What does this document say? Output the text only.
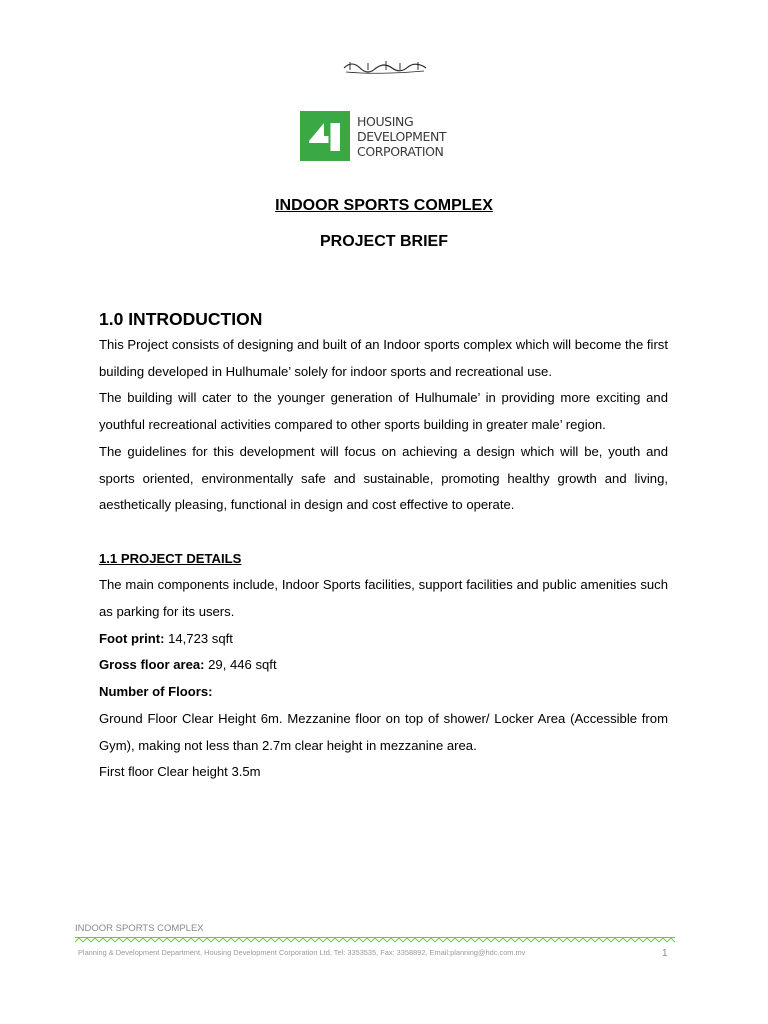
HOUSING
DEVELOPMENT
CORPORATION
INDOOR SPORTS COMPLEX
PROJECT BRIEF
1.0 INTRODUCTION

This Project consists of designing and built of an Indoor sports complex which will become the first building developed in Hulhumale’ solely for indoor sports and recreational use.

The building will cater to the younger generation of Hulhumale’ in providing more exciting and youthful recreational activities compared to other sports building in greater male’ region.

The guidelines for this development will focus on achieving a design which will be, youth and sports oriented, environmentally safe and sustainable, promoting healthy growth and living, aesthetically pleasing, functional in design and cost effective to operate.

1.1 PROJECT DETAILS

The main components include, Indoor Sports facilities, support facilities and public amenities such as parking for its users.

Foot print: 14,723 sqft

Gross floor area: 29, 446 sqft

Number of Floors:

Ground Floor Clear Height 6m. Mezzanine floor on top of shower/ Locker Area (Accessible from Gym), making not less than 2.7m clear height in mezzanine area.

First floor Clear height 3.5m

INDOOR SPORTS COMPLEX
Planning & Development Department, Housing Development Corporation Ltd, Tel: 3353535, Fax: 3358892, Email:planning@hdc.com.mv	1
